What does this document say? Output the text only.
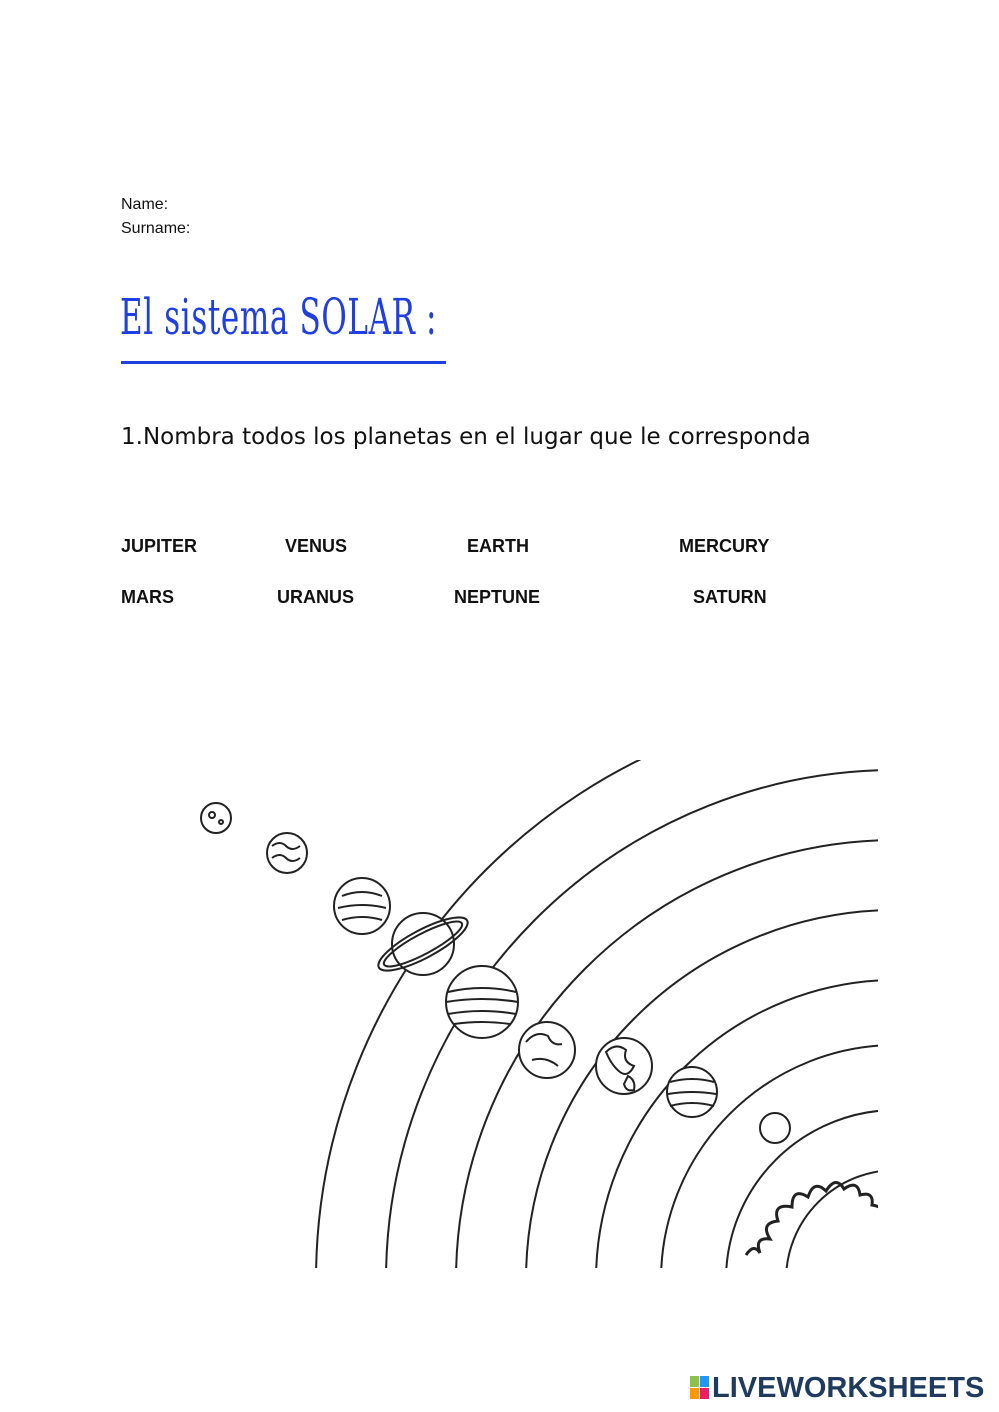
Name:
Surname:
El sistema SOLAR :
1.Nombra todos los planetas en el lugar que le corresponda
JUPITER	VENUS	EARTH	MERCURY
MARS	URANUS	NEPTUNE	SATURN
LIVEWORKSHEETS
